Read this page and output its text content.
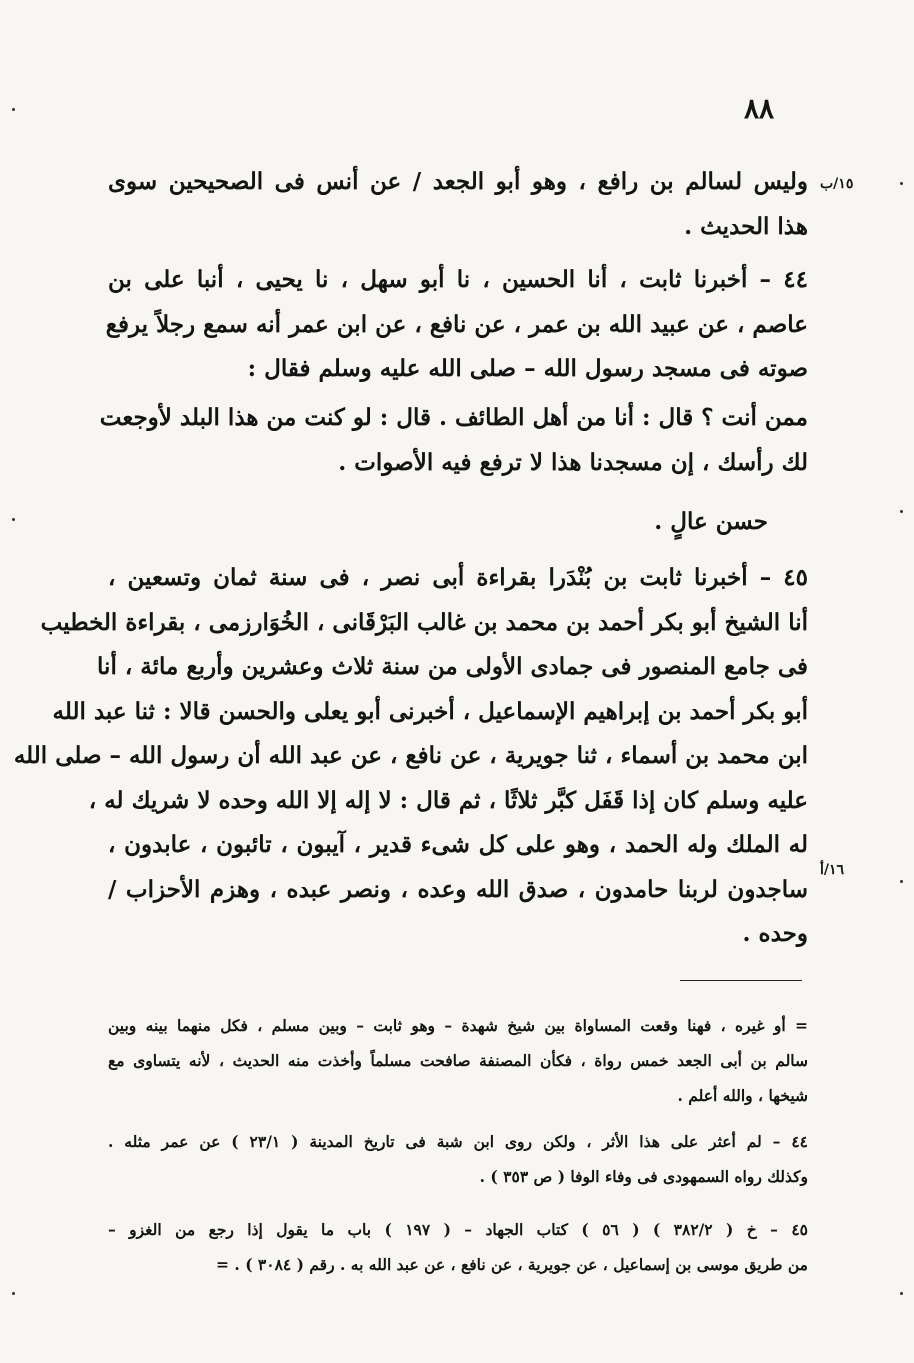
٨٨
١٥/ب
١٦/أ
وليس لسالم بن رافع ، وهو أبو الجعد / عن أنس فى الصحيحين سوى
هذا الحديث .
٤٤ – أخبرنا ثابت ، أنا الحسين ، نا أبو سهل ، نا يحيى ، أنبا على بن
عاصم ، عن عبيد الله بن عمر ، عن نافع ، عن ابن عمر أنه سمع رجلاً يرفع
صوته فى مسجد رسول الله – صلى الله عليه وسلم فقال :
ممن أنت ؟ قال : أنا من أهل الطائف . قال : لو كنت من هذا البلد لأوجعت
لك رأسك ، إن مسجدنا هذا لا ترفع فيه الأصوات .
حسن عالٍ .
٤٥ – أخبرنا ثابت بن بُنْدَرا بقراءة أبى نصر ، فى سنة ثمان وتسعين ،
أنا الشيخ أبو بكر أحمد بن محمد بن غالب البَرْقَانى ، الخُوَارزمى ، بقراءة الخطيب
فى جامع المنصور فى جمادى الأولى من سنة ثلاث وعشرين وأربع مائة ، أنا
أبو بكر أحمد بن إبراهيم الإسماعيل ، أخبرنى أبو يعلى والحسن قالا : ثنا عبد الله
ابن محمد بن أسماء ، ثنا جويرية ، عن نافع ، عن عبد الله أن رسول الله – صلى الله
عليه وسلم كان إذا قَفَل كبَّر ثلاثًا ، ثم قال : لا إله إلا الله وحده لا شريك له ،
له الملك وله الحمد ، وهو على كل شىء قدير ، آيبون ، تائبون ، عابدون ،
ساجدون لربنا حامدون ، صدق الله وعده ، ونصر عبده ، وهزم الأحزاب /
وحده .
= أو غيره ، فهنا وقعت المساواة بين شيخ شهدة – وهو ثابت – وبين مسلم ، فكل منهما بينه وبين
سالم بن أبى الجعد خمس رواة ، فكأن المصنفة صافحت مسلماً وأخذت منه الحديث ، لأنه يتساوى مع
شيخها ، والله أعلم .
٤٤ – لم أعثر على هذا الأثر ، ولكن روى ابن شبة فى تاريخ المدينة ( ٢٣/١ ) عن عمر مثله .
وكذلك رواه السمهودى فى وفاء الوفا ( ص ٣٥٣ ) .
٤٥ – خ ( ٣٨٢/٢ ) ( ٥٦ ) كتاب الجهاد – ( ١٩٧ ) باب ما يقول إذا رجع من الغزو –
من طريق موسى بن إسماعيل ، عن جويرية ، عن نافع ، عن عبد الله به . رقم ( ٣٠٨٤ ) . =
